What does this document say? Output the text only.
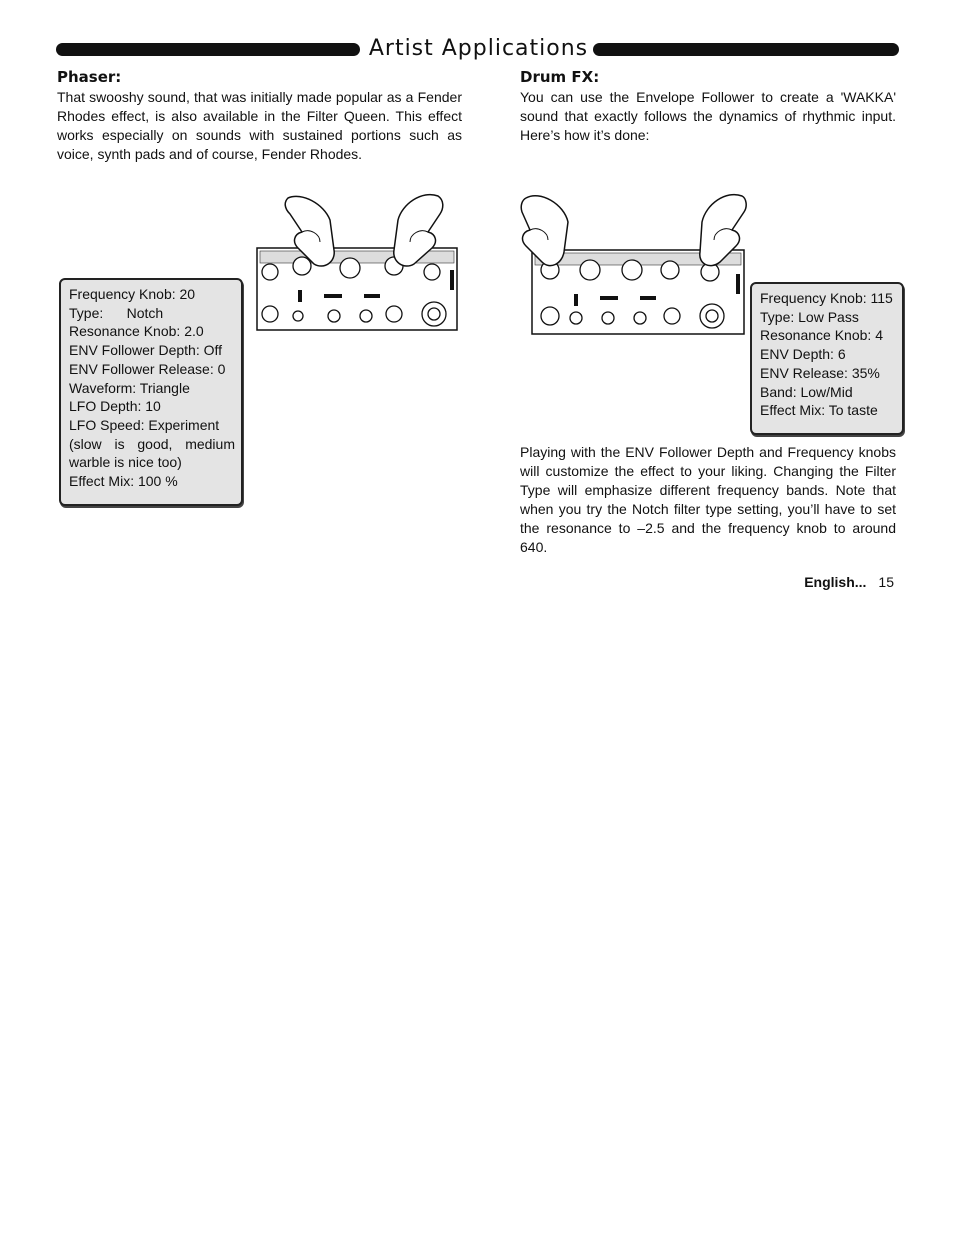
Artist Applications
Phaser:
That swooshy sound, that was initially made popular as a Fender Rhodes effect, is also available in the Filter Queen. This effect works especially on sounds with sustained portions such as voice, synth pads and of course, Fender Rhodes.
Frequency Knob: 20
Type:      Notch
Resonance Knob: 2.0
ENV Follower Depth: Off
ENV Follower Release: 0
Waveform: Triangle
LFO Depth: 10
LFO Speed: Experiment
(slow is good, medium warble is nice too)
Effect Mix: 100 %
Drum FX:
You can use the Envelope Follower to create a 'WAKKA' sound that exactly follows the dynamics of rhythmic input. Here’s how it’s done:
Frequency Knob: 115
Type: Low Pass
Resonance Knob: 4
ENV Depth: 6
ENV Release: 35%
Band: Low/Mid
Effect Mix: To taste
Playing with the ENV Follower Depth and Frequency knobs will customize the effect to your liking. Changing the Filter Type will emphasize different frequency bands. Note that when you try the Notch filter type setting, you’ll have to set the resonance to –2.5 and the frequency knob to around 640.
English... 15
